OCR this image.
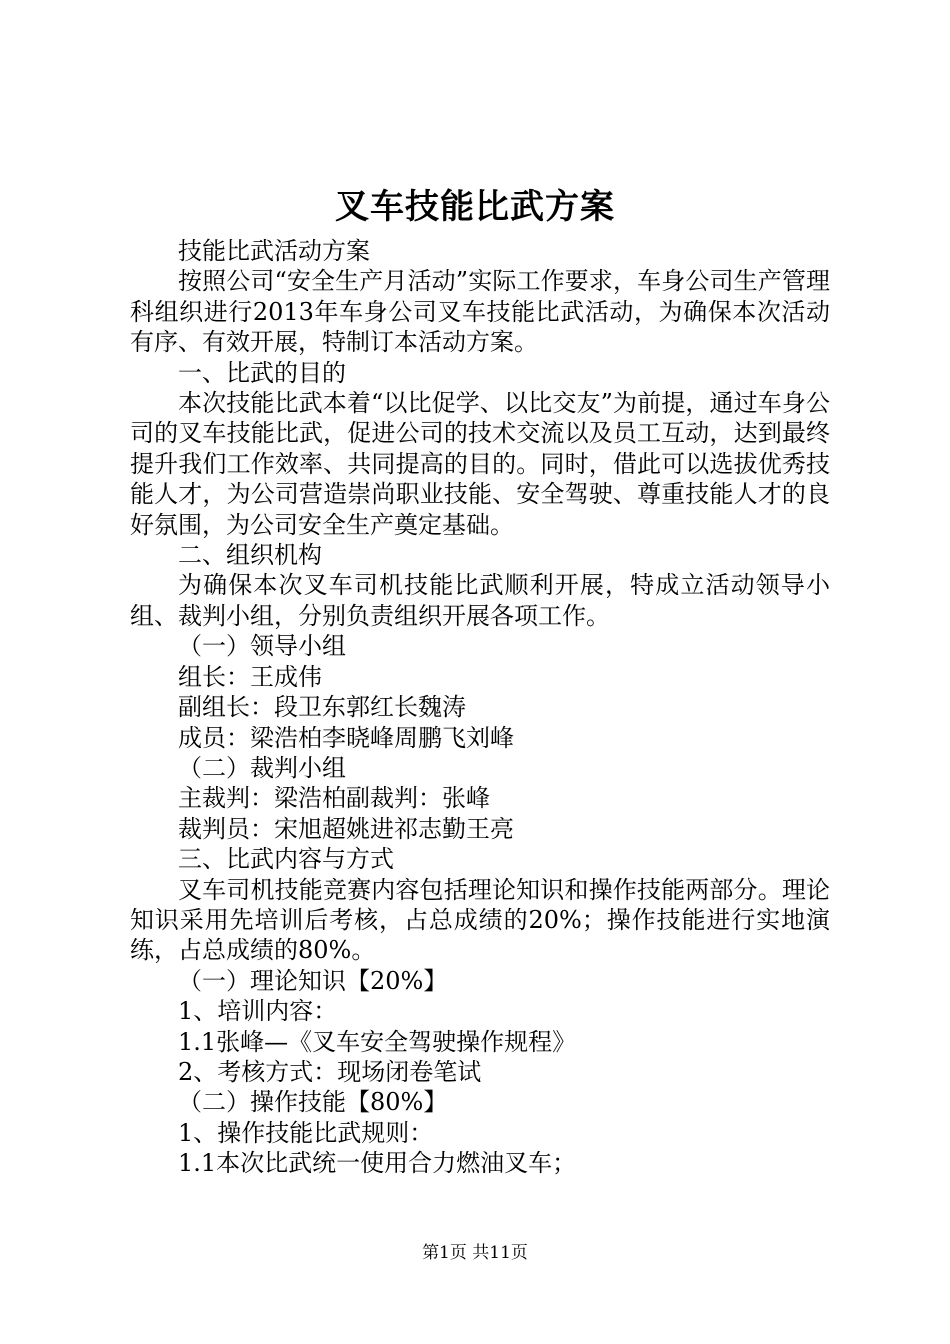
叉车技能比武方案

技能比武活动方案

按照公司“安全生产月活动”实际工作要求，车身公司生产管理科组织进行2013年车身公司叉车技能比武活动，为确保本次活动有序、有效开展，特制订本活动方案。

一、比武的目的

本次技能比武本着“以比促学、以比交友”为前提，通过车身公司的叉车技能比武，促进公司的技术交流以及员工互动，达到最终提升我们工作效率、共同提高的目的。同时，借此可以选拔优秀技能人才，为公司营造崇尚职业技能、安全驾驶、尊重技能人才的良好氛围，为公司安全生产奠定基础。

二、组织机构

为确保本次叉车司机技能比武顺利开展，特成立活动领导小组、裁判小组，分别负责组织开展各项工作。

（一）领导小组

组长：王成伟

副组长：段卫东郭红长魏涛

成员：梁浩柏李晓峰周鹏飞刘峰

（二）裁判小组

主裁判：梁浩柏副裁判：张峰

裁判员：宋旭超姚进祁志勤王亮

三、比武内容与方式

叉车司机技能竞赛内容包括理论知识和操作技能两部分。理论知识采用先培训后考核，占总成绩的20%；操作技能进行实地演练，占总成绩的80%。

（一）理论知识【20%】

1、培训内容：

1.1张峰—《叉车安全驾驶操作规程》

2、考核方式：现场闭卷笔试

（二）操作技能【80%】

1、操作技能比武规则：

1.1本次比武统一使用合力燃油叉车；

第1页 共11页
